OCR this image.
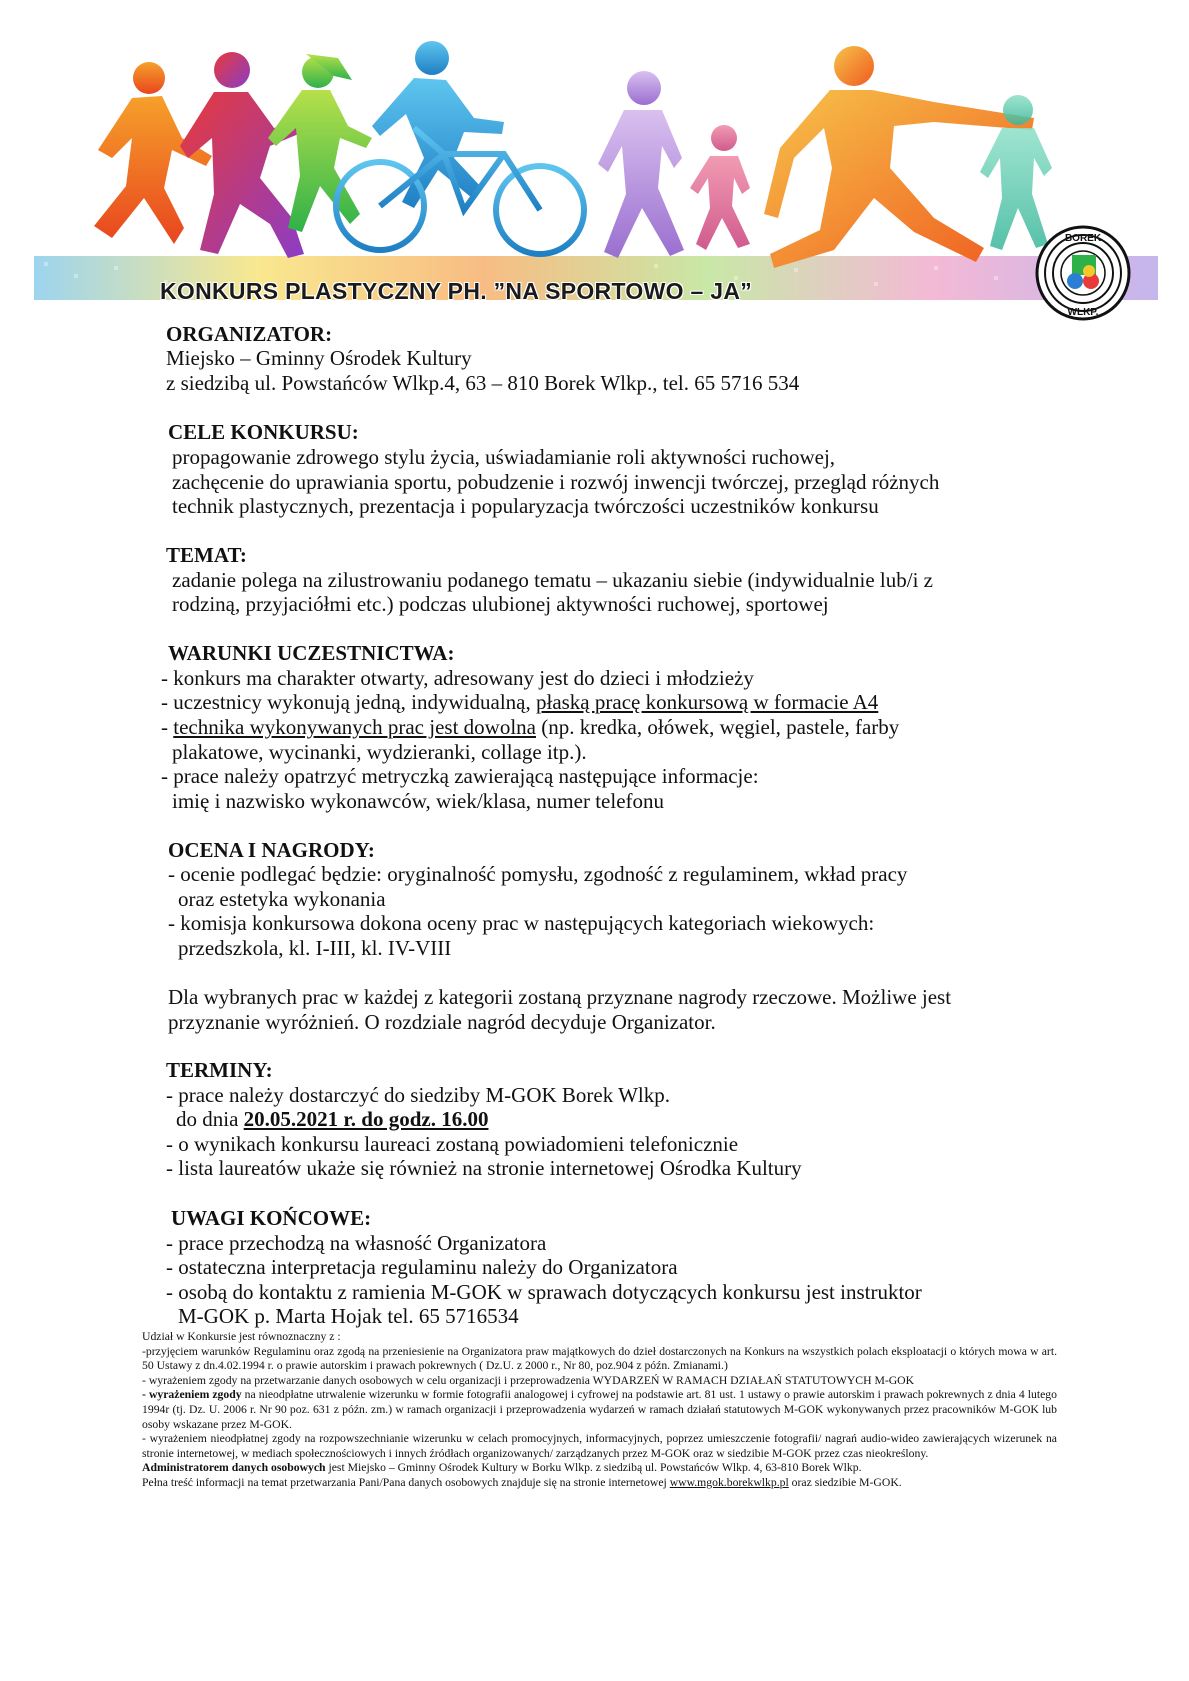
KONKURS PLASTYCZNY PH. ”NA SPORTOWO – JA”
BOREK
WLKP.
ORGANIZATOR:
Miejsko – Gminny Ośrodek Kultury
z siedzibą ul. Powstańców Wlkp.4, 63 – 810 Borek Wlkp., tel. 65 5716 534
CELE KONKURSU:
propagowanie zdrowego stylu życia, uświadamianie roli aktywności ruchowej,
zachęcenie do uprawiania sportu, pobudzenie i rozwój inwencji twórczej, przegląd różnych
technik plastycznych, prezentacja i popularyzacja twórczości uczestników konkursu
TEMAT:
zadanie polega na zilustrowaniu podanego tematu – ukazaniu siebie (indywidualnie lub/i z
rodziną, przyjaciółmi etc.) podczas ulubionej aktywności ruchowej, sportowej
WARUNKI UCZESTNICTWA:
- konkurs ma charakter otwarty, adresowany jest do dzieci i młodzieży
- uczestnicy wykonują jedną, indywidualną, płaską pracę konkursową w formacie A4
- technika wykonywanych prac jest dowolna (np. kredka, ołówek, węgiel, pastele, farby
plakatowe, wycinanki, wydzieranki, collage itp.).
- prace należy opatrzyć metryczką zawierającą następujące informacje:
imię i nazwisko wykonawców, wiek/klasa, numer telefonu
OCENA I NAGRODY:
- ocenie podlegać będzie: oryginalność pomysłu, zgodność z regulaminem, wkład pracy
oraz estetyka wykonania
- komisja konkursowa dokona oceny prac w następujących kategoriach wiekowych:
przedszkola, kl. I-III, kl. IV-VIII
Dla wybranych prac w każdej z kategorii zostaną przyznane nagrody rzeczowe. Możliwe jest
przyznanie wyróżnień. O rozdziale nagród decyduje Organizator.
TERMINY:
- prace należy dostarczyć do siedziby M-GOK Borek Wlkp.
do dnia 20.05.2021 r. do godz. 16.00
- o wynikach konkursu laureaci zostaną powiadomieni telefonicznie
- lista laureatów ukaże się również na stronie internetowej Ośrodka Kultury
UWAGI KOŃCOWE:
- prace przechodzą na własność Organizatora
- ostateczna interpretacja regulaminu należy do Organizatora
- osobą do kontaktu z ramienia M-GOK w sprawach dotyczących konkursu jest instruktor
M-GOK p. Marta Hojak tel. 65 5716534

Udział w Konkursie jest równoznaczny z :

-przyjęciem warunków Regulaminu oraz zgodą na przeniesienie na Organizatora praw majątkowych do dzieł dostarczonych na Konkurs na wszystkich polach eksploatacji o których mowa w art. 50 Ustawy z dn.4.02.1994 r. o prawie autorskim i prawach pokrewnych ( Dz.U. z 2000 r., Nr 80, poz.904 z późn. Zmianami.)

- wyrażeniem zgody na przetwarzanie danych osobowych w celu organizacji i przeprowadzenia WYDARZEŃ W RAMACH DZIAŁAŃ STATUTOWYCH M-GOK

- wyrażeniem zgody na nieodpłatne utrwalenie wizerunku w formie fotografii analogowej i cyfrowej na podstawie art. 81 ust. 1 ustawy o prawie autorskim i prawach pokrewnych z dnia 4 lutego 1994r (tj. Dz. U. 2006 r. Nr 90 poz. 631 z późn. zm.) w ramach organizacji i przeprowadzenia wydarzeń w ramach działań statutowych M-GOK wykonywanych przez pracowników M-GOK lub osoby wskazane przez M-GOK.

- wyrażeniem nieodpłatnej zgody na rozpowszechnianie wizerunku w celach promocyjnych, informacyjnych, poprzez umieszczenie fotografii/ nagrań audio-wideo zawierających wizerunek na stronie internetowej, w mediach społecznościowych i innych źródłach organizowanych/ zarządzanych przez M-GOK oraz w siedzibie M-GOK przez czas nieokreślony.

Administratorem danych osobowych jest Miejsko – Gminny Ośrodek Kultury w Borku Wlkp. z siedzibą ul. Powstańców Wlkp. 4, 63-810 Borek Wlkp.

Pełna treść informacji na temat przetwarzania Pani/Pana danych osobowych znajduje się na stronie internetowej www.mgok.borekwlkp.pl oraz siedzibie M-GOK.
